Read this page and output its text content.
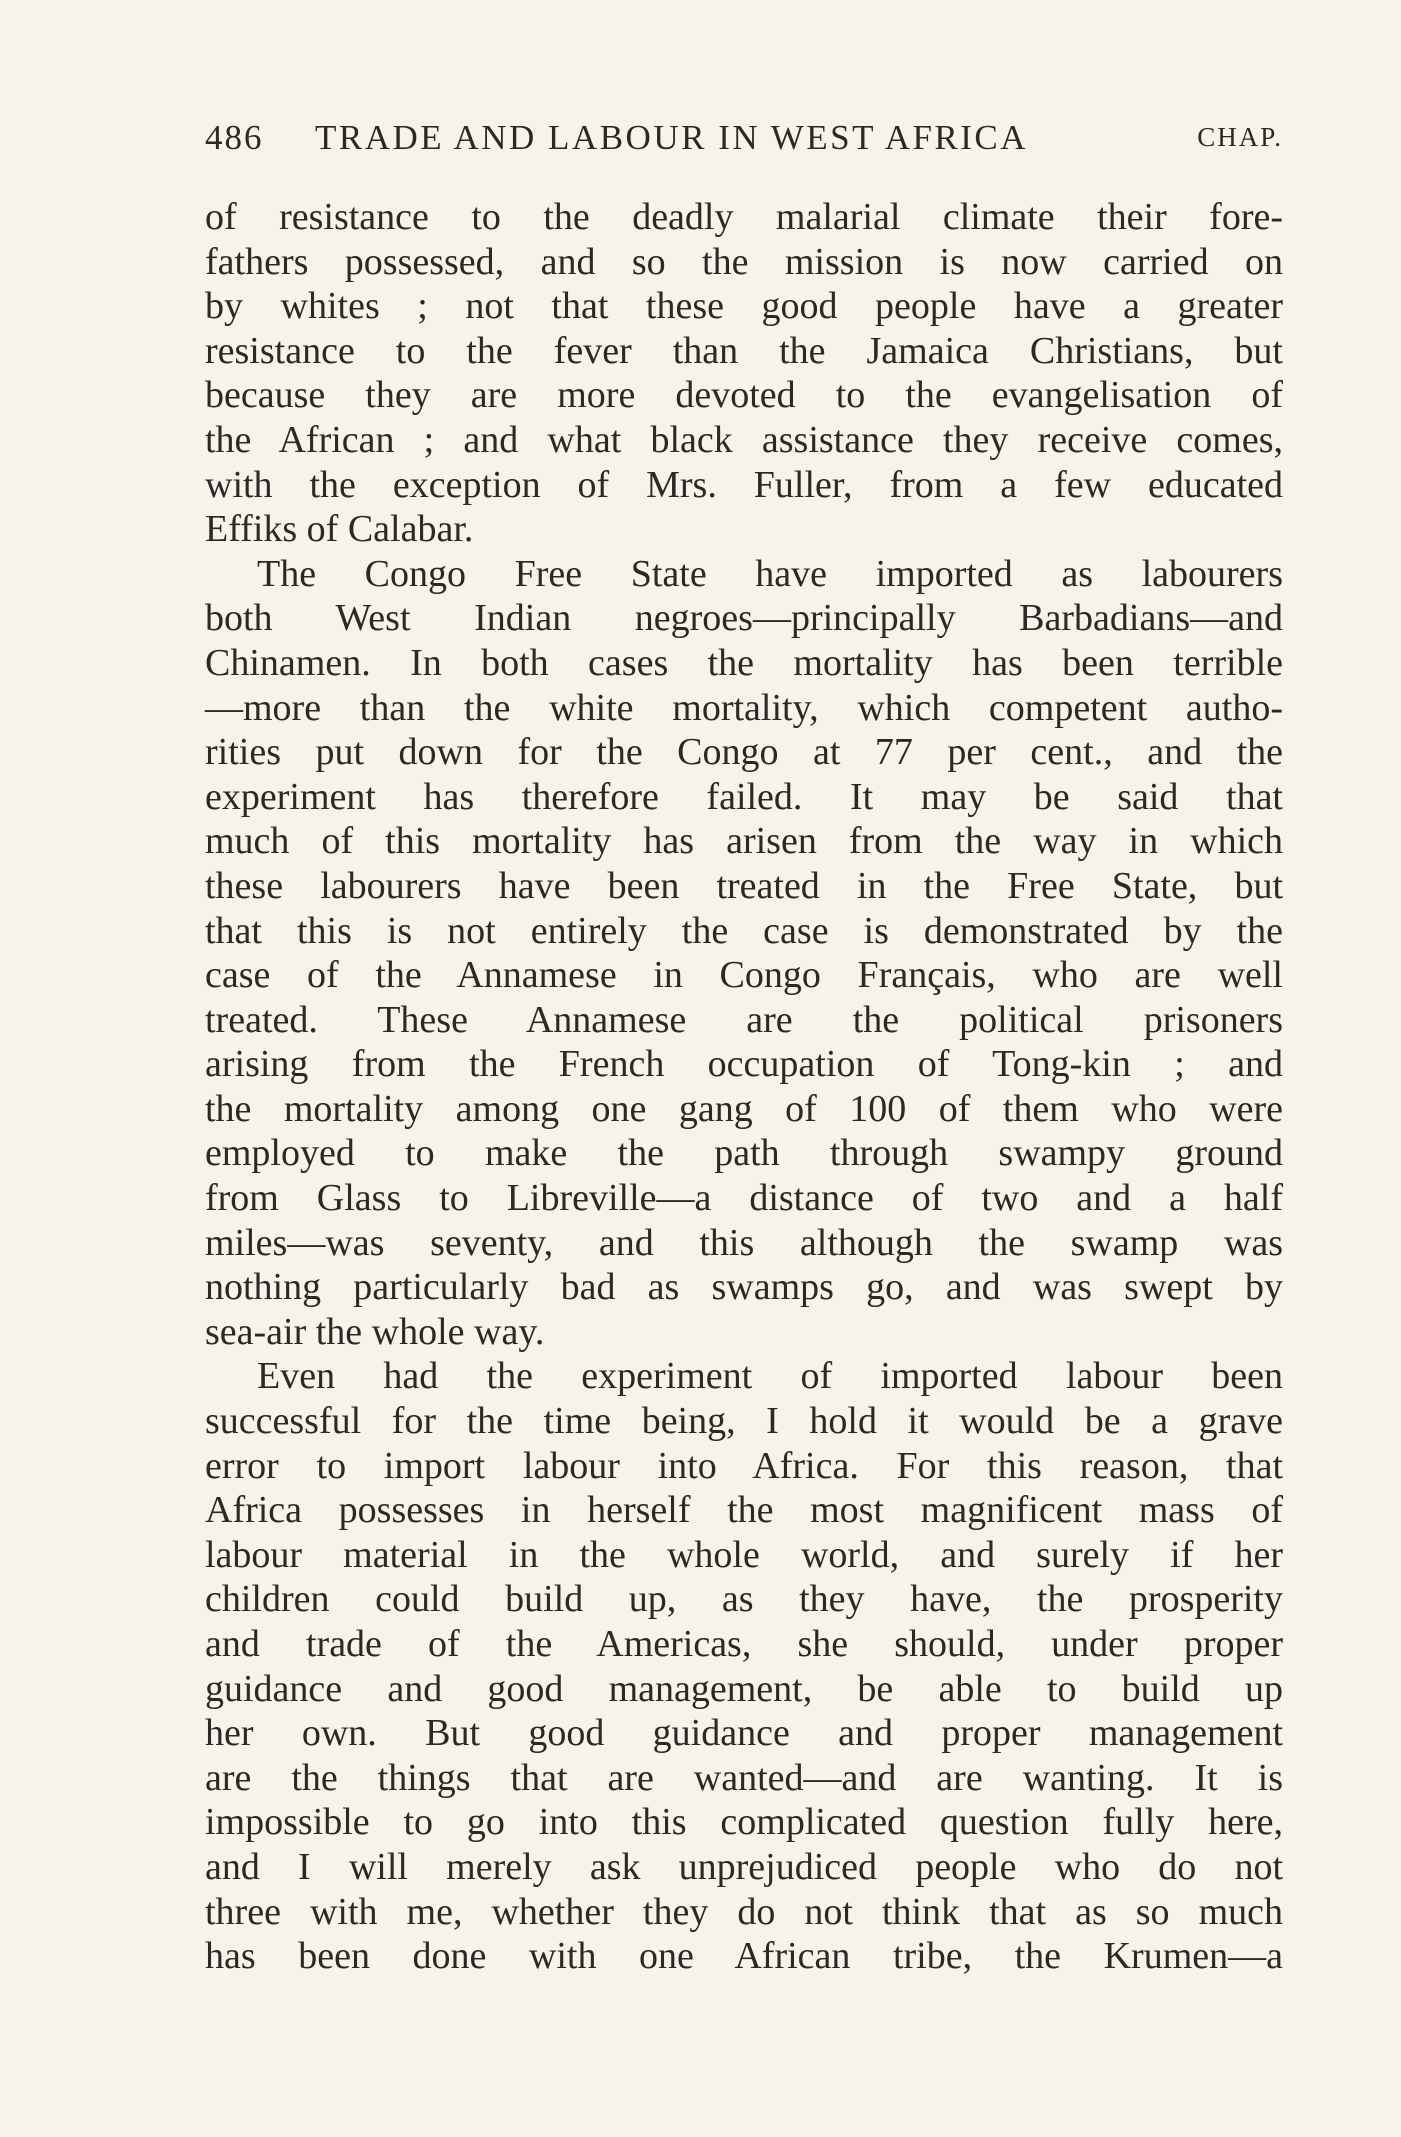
486 TRADE AND LABOUR IN WEST AFRICA	CHAP.
of resistance to the deadly malarial climate their fore-
fathers possessed, and so the mission is now carried on
by whites ; not that these good people have a greater
resistance to the fever than the Jamaica Christians, but
because they are more devoted to the evangelisation of
the African ; and what black assistance they receive comes,
with the exception of Mrs. Fuller, from a few educated
Effiks of Calabar.
The Congo Free State have imported as labourers
both West Indian negroes—principally Barbadians—and
Chinamen. In both cases the mortality has been terrible
—more than the white mortality, which competent autho-
rities put down for the Congo at 77 per cent., and the
experiment has therefore failed. It may be said that
much of this mortality has arisen from the way in which
these labourers have been treated in the Free State, but
that this is not entirely the case is demonstrated by the
case of the Annamese in Congo Français, who are well
treated. These Annamese are the political prisoners
arising from the French occupation of Tong-kin ; and
the mortality among one gang of 100 of them who were
employed to make the path through swampy ground
from Glass to Libreville—a distance of two and a half
miles—was seventy, and this although the swamp was
nothing particularly bad as swamps go, and was swept by
sea-air the whole way.
Even had the experiment of imported labour been
successful for the time being, I hold it would be a grave
error to import labour into Africa. For this reason, that
Africa possesses in herself the most magnificent mass of
labour material in the whole world, and surely if her
children could build up, as they have, the prosperity
and trade of the Americas, she should, under proper
guidance and good management, be able to build up
her own. But good guidance and proper management
are the things that are wanted—and are wanting. It is
impossible to go into this complicated question fully here,
and I will merely ask unprejudiced people who do not
three with me, whether they do not think that as so much
has been done with one African tribe, the Krumen—a
